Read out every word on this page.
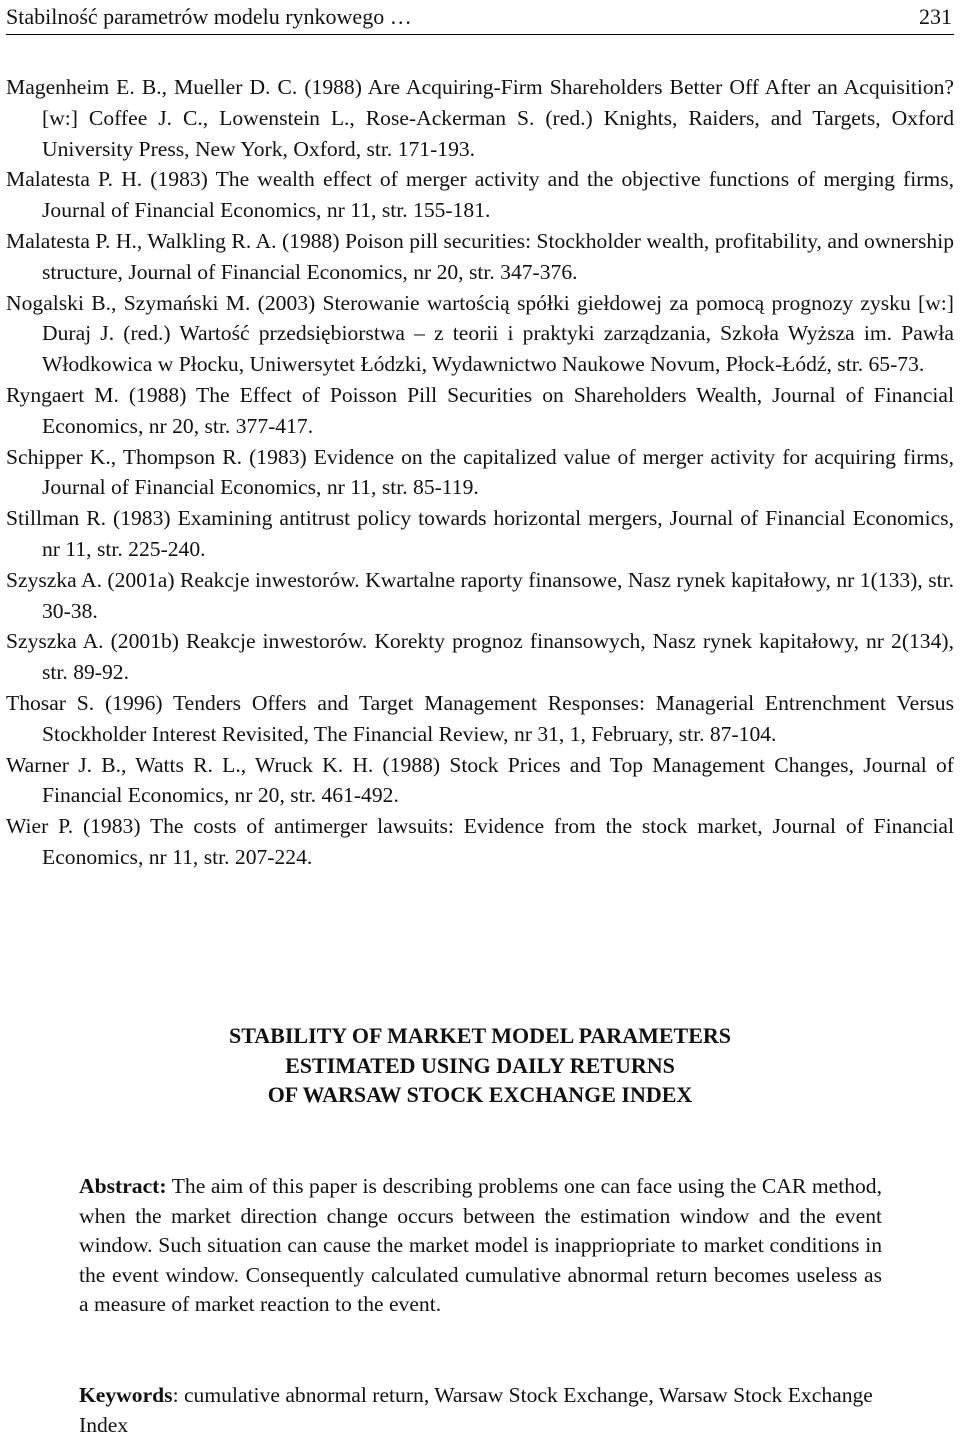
Stabilność parametrów modelu rynkowego …	231
Magenheim E. B., Mueller D. C. (1988) Are Acquiring-Firm Shareholders Better Off After an Acquisition? [w:] Coffee J. C., Lowenstein L., Rose-Ackerman S. (red.) Knights, Raiders, and Targets, Oxford University Press, New York, Oxford, str. 171-193.
Malatesta P. H. (1983) The wealth effect of merger activity and the objective functions of merging firms, Journal of Financial Economics, nr 11, str. 155-181.
Malatesta P. H., Walkling R. A. (1988) Poison pill securities: Stockholder wealth, profitability, and ownership structure, Journal of Financial Economics, nr 20, str. 347-376.
Nogalski B., Szymański M. (2003) Sterowanie wartością spółki giełdowej za pomocą prognozy zysku [w:] Duraj J. (red.) Wartość przedsiębiorstwa – z teorii i praktyki zarządzania, Szkoła Wyższa im. Pawła Włodkowica w Płocku, Uniwersytet Łódzki, Wydawnictwo Naukowe Novum, Płock-Łódź, str. 65-73.
Ryngaert M. (1988) The Effect of Poisson Pill Securities on Shareholders Wealth, Journal of Financial Economics, nr 20, str. 377-417.
Schipper K., Thompson R. (1983) Evidence on the capitalized value of merger activity for acquiring firms, Journal of Financial Economics, nr 11, str. 85-119.
Stillman R. (1983) Examining antitrust policy towards horizontal mergers, Journal of Financial Economics, nr 11, str. 225-240.
Szyszka A. (2001a) Reakcje inwestorów. Kwartalne raporty finansowe, Nasz rynek kapitałowy, nr 1(133), str. 30-38.
Szyszka A. (2001b) Reakcje inwestorów. Korekty prognoz finansowych, Nasz rynek kapitałowy, nr 2(134), str. 89-92.
Thosar S. (1996) Tenders Offers and Target Management Responses: Managerial Entrenchment Versus Stockholder Interest Revisited, The Financial Review, nr 31, 1, February, str. 87-104.
Warner J. B., Watts R. L., Wruck K. H. (1988) Stock Prices and Top Management Changes, Journal of Financial Economics, nr 20, str. 461-492.
Wier P. (1983) The costs of antimerger lawsuits: Evidence from the stock market, Journal of Financial Economics, nr 11, str. 207-224.
STABILITY OF MARKET MODEL PARAMETERS
ESTIMATED USING DAILY RETURNS
OF WARSAW STOCK EXCHANGE INDEX

Abstract: The aim of this paper is describing problems one can face using the CAR method, when the market direction change occurs between the estimation window and the event window. Such situation can cause the market model is inappriopriate to market conditions in the event window. Consequently calculated cumulative abnormal return becomes useless as a measure of market reaction to the event.

Keywords: cumulative abnormal return, Warsaw Stock Exchange, Warsaw Stock Exchange Index
